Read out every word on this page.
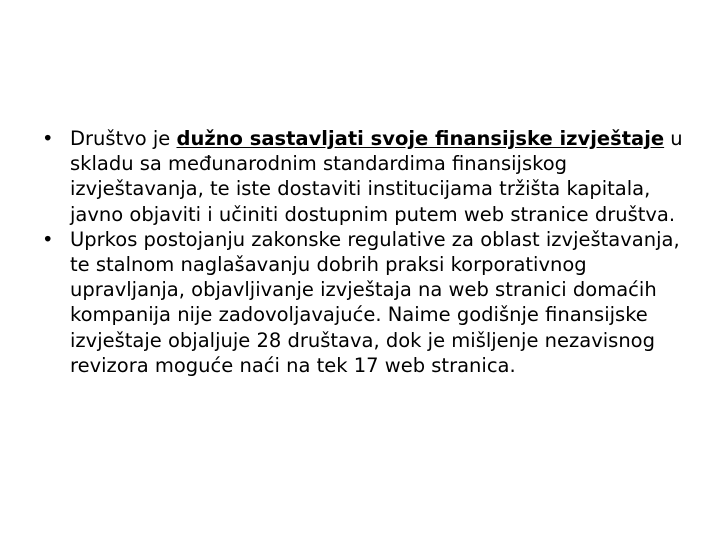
• Društvo je dužno sastavljati svoje finansijske izvještaje u skladu sa međunarodnim standardima finansijskog izvještavanja, te iste dostaviti institucijama tržišta kapitala, javno objaviti i učiniti dostupnim putem web stranice društva.
• Uprkos postojanju zakonske regulative za oblast izvještavanja, te stalnom naglašavanju dobrih praksi korporativnog upravljanja, objavljivanje izvještaja na web stranici domaćih kompanija nije zadovoljavajuće. Naime godišnje finansijske izvještaje objaljuje 28 društava, dok je mišljenje nezavisnog revizora moguće naći na tek 17 web stranica.
